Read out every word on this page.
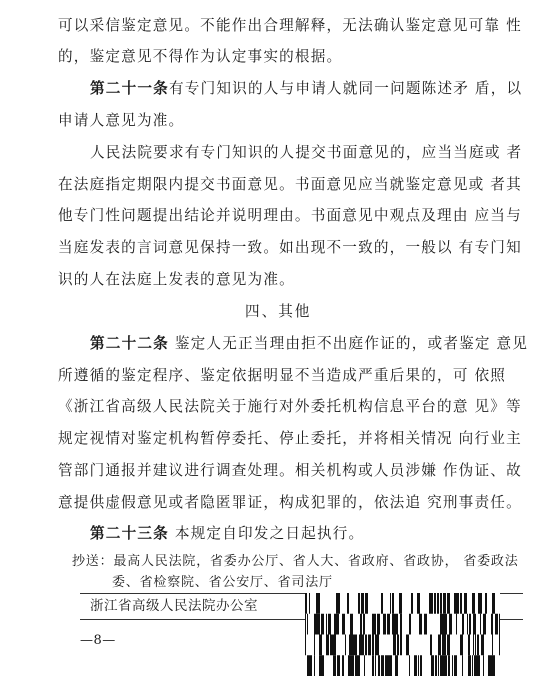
可以采信鉴定意见。不能作出合理解释，无法确认鉴定意见可靠 性
的，鉴定意见不得作为认定事实的根据。
第二十一条有专门知识的人与申请人就同一问题陈述矛 盾，以
申请人意见为准。
人民法院要求有专门知识的人提交书面意见的，应当当庭或 者
在法庭指定期限内提交书面意见。书面意见应当就鉴定意见或 者其
他专门性问题提出结论并说明理由。书面意见中观点及理由 应当与
当庭发表的言词意见保持一致。如出现不一致的，一般以 有专门知
识的人在法庭上发表的意见为准。
四、其他
第二十二条 鉴定人无正当理由拒不出庭作证的，或者鉴定 意见
所遵循的鉴定程序、鉴定依据明显不当造成严重后果的，可 依照
《浙江省高级人民法院关于施行对外委托机构信息平台的意 见》等
规定视情对鉴定机构暂停委托、停止委托，并将相关情况 向行业主
管部门通报并建议进行调查处理。相关机构或人员涉嫌 作伪证、故
意提供虚假意见或者隐匿罪证，构成犯罪的，依法追 究刑事责任。
第二十三条 本规定自印发之日起执行。
抄送：最高人民法院，省委办公厅、省人大、省政府、省政协， 省委政法
委、省检察院、省公安厅、省司法厅
浙江省高级人民法院办公室
—8—
